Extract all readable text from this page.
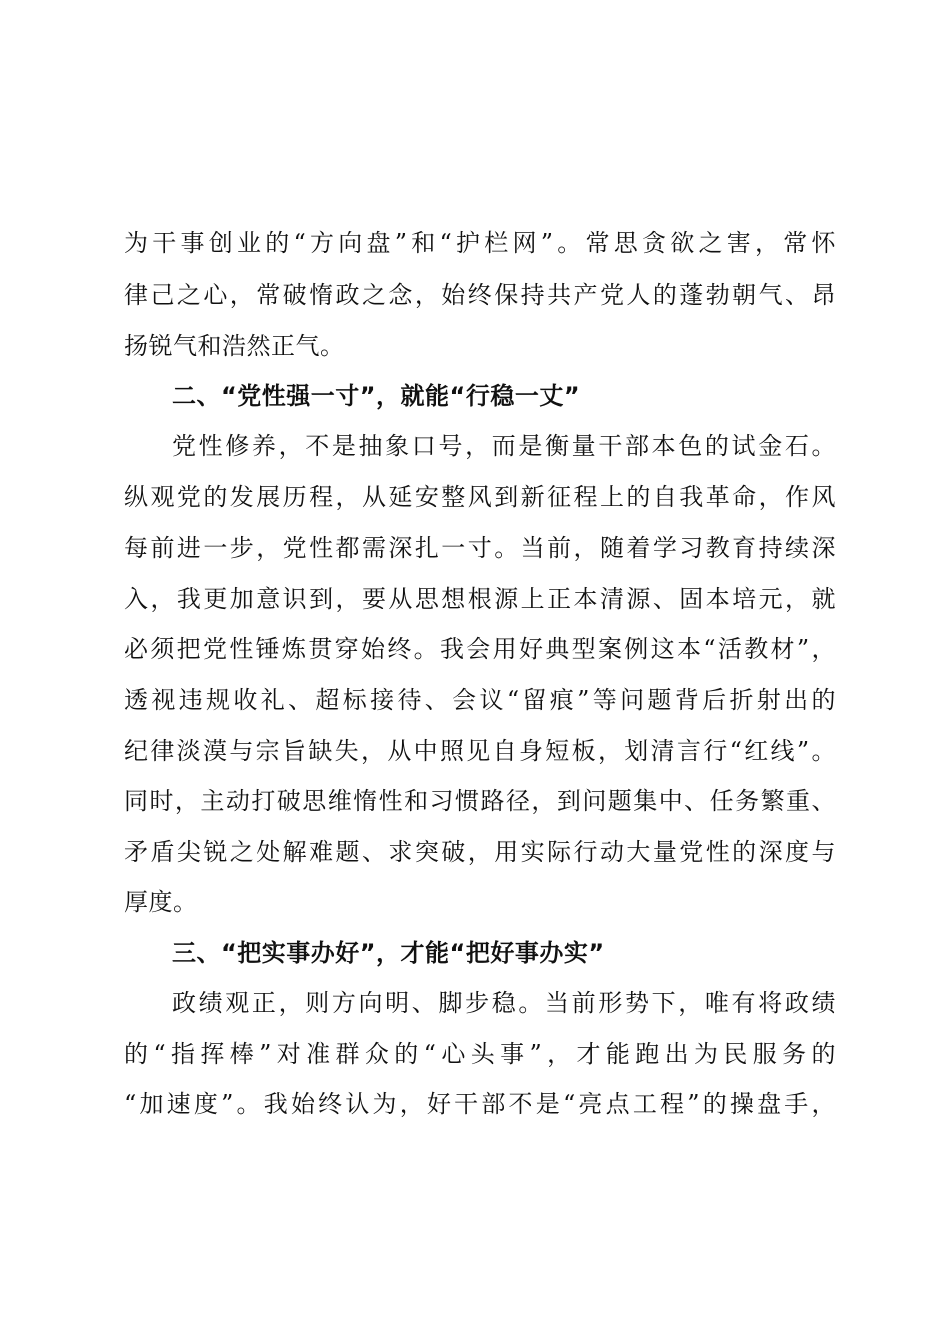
为干事创业的“方向盘”和“护栏网”。常思贪欲之害，常怀
律己之心，常破惰政之念，始终保持共产党人的蓬勃朝气、昂
扬锐气和浩然正气。
二、“党性强一寸”，就能“行稳一丈”
党性修养，不是抽象口号，而是衡量干部本色的试金石。
纵观党的发展历程，从延安整风到新征程上的自我革命，作风
每前进一步，党性都需深扎一寸。当前，随着学习教育持续深
入，我更加意识到，要从思想根源上正本清源、固本培元，就
必须把党性锤炼贯穿始终。我会用好典型案例这本“活教材”，
透视违规收礼、超标接待、会议“留痕”等问题背后折射出的
纪律淡漠与宗旨缺失，从中照见自身短板，划清言行“红线”。
同时，主动打破思维惰性和习惯路径，到问题集中、任务繁重、
矛盾尖锐之处解难题、求突破，用实际行动大量党性的深度与
厚度。
三、“把实事办好”，才能“把好事办实”
政绩观正，则方向明、脚步稳。当前形势下，唯有将政绩
的“指挥棒”对准群众的“心头事”，才能跑出为民服务的
“加速度”。我始终认为，好干部不是“亮点工程”的操盘手，
